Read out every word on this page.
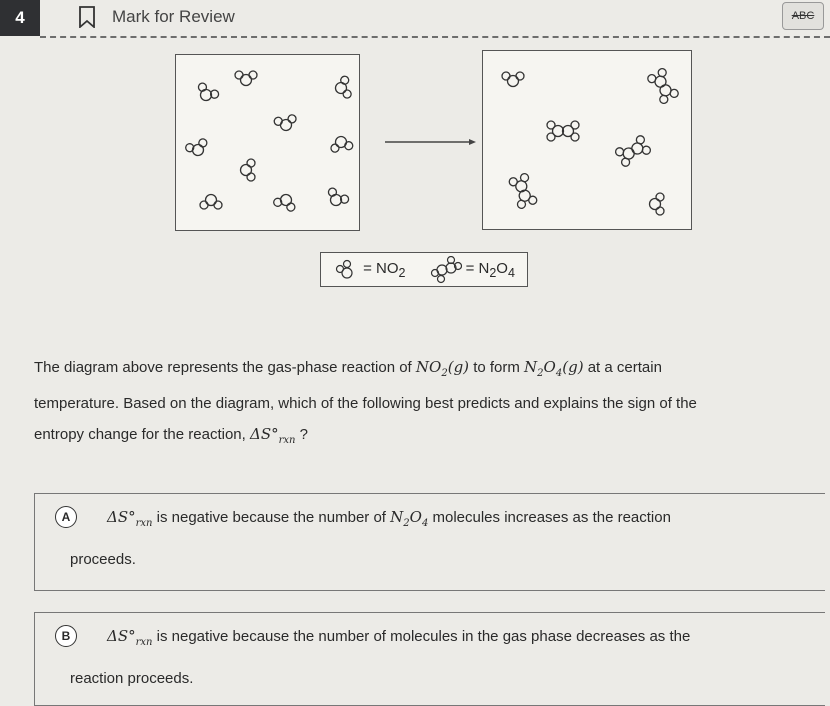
4	Mark for Review	ABC
= $NO_2$	= $N_2O_4$
The diagram above represents the gas-phase reaction of $NO_2(g)$ to form $N_2O_4(g)$ at a certain
temperature. Based on the diagram, which of the following best predicts and explains the sign of the
entropy change for the reaction, $\Delta S^\circ_{rxn}$ ?
A	$\Delta S^\circ_{rxn}$ is negative because the number of $N_2O_4$ molecules increases as the reaction
proceeds.
B	$\Delta S^\circ_{rxn}$ is negative because the number of molecules in the gas phase decreases as the
reaction proceeds.
